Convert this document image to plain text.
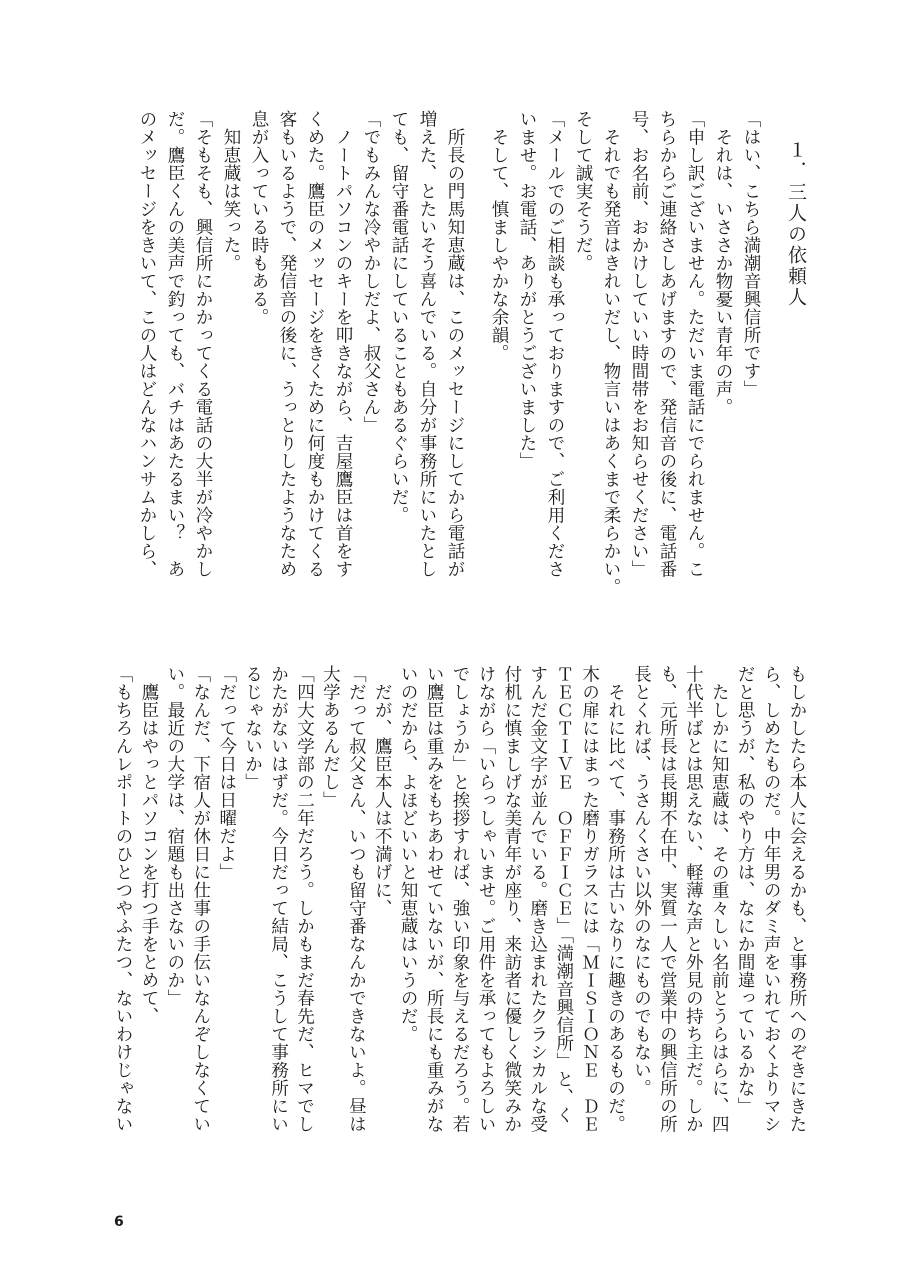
１．三人の依頼人
「はい、こちら満潮音興信所です」
　それは、いささか物憂い青年の声。
「申し訳ございません。ただいま電話にでられません。こ
ちらからご連絡さしあげますので、発信音の後に、電話番
号、お名前、おかけしていい時間帯をお知らせください」
　それでも発音はきれいだし、物言いはあくまで柔らかい。
そして誠実そうだ。
「メールでのご相談も承っておりますので、ご利用くださ
いませ。お電話、ありがとうございました」
　そして、慎ましやかな余韻。
　所長の門馬知恵蔵は、このメッセージにしてから電話が
増えた、とたいそう喜んでいる。自分が事務所にいたとし
ても、留守番電話にしていることもあるぐらいだ。
「でもみんな冷やかしだよ、叔父さん」
　ノートパソコンのキーを叩きながら、吉屋鷹臣は首をす
くめた。鷹臣のメッセージをきくために何度もかけてくる
客もいるようで、発信音の後に、うっとりしたようなため
息が入っている時もある。
　知恵蔵は笑った。
「そもそも、興信所にかかってくる電話の大半が冷やかし
だ。鷹臣くんの美声で釣っても、バチはあたるまい？　あ
のメッセージをきいて、この人はどんなハンサムかしら、
もしかしたら本人に会えるかも、と事務所へのぞきにきた
ら、しめたものだ。中年男のダミ声をいれておくよりマシ
だと思うが、私のやり方は、なにか間違っているかな」
　たしかに知恵蔵は、その重々しい名前とうらはらに、四
十代半ばとは思えない、軽薄な声と外見の持ち主だ。しか
も、元所長は長期不在中、実質一人で営業中の興信所の所
長とくれば、うさんくさい以外のなにものでもない。
　それに比べて、事務所は古いなりに趣きのあるものだ。
木の扉にはまった磨りガラスには「ＭＩＳＩＯＮＥ　ＤＥ
ＴＥＣＴＩＶＥ　ＯＦＦＩＣＥ」「満潮音興信所」と、く
すんだ金文字が並んでいる。磨き込まれたクラシカルな受
付机に慎ましげな美青年が座り、来訪者に優しく微笑みか
けながら「いらっしゃいませ。ご用件を承ってもよろしい
でしょうか」と挨拶すれば、強い印象を与えるだろう。若
い鷹臣は重みをもちあわせていないが、所長にも重みがな
いのだから、よほどいいと知恵蔵はいうのだ。
　だが、鷹臣本人は不満げに、
「だって叔父さん、いつも留守番なんかできないよ。昼は
大学あるんだし」
「四大文学部の二年だろう。しかもまだ春先だ、ヒマでし
かたがないはずだ。今日だって結局、こうして事務所にい
るじゃないか」
「だって今日は日曜だよ」
「なんだ、下宿人が休日に仕事の手伝いなんぞしなくてい
い。最近の大学は、宿題も出さないのか」
　鷹臣はやっとパソコンを打つ手をとめて、
「もちろんレポートのひとつやふたつ、ないわけじゃない
6
